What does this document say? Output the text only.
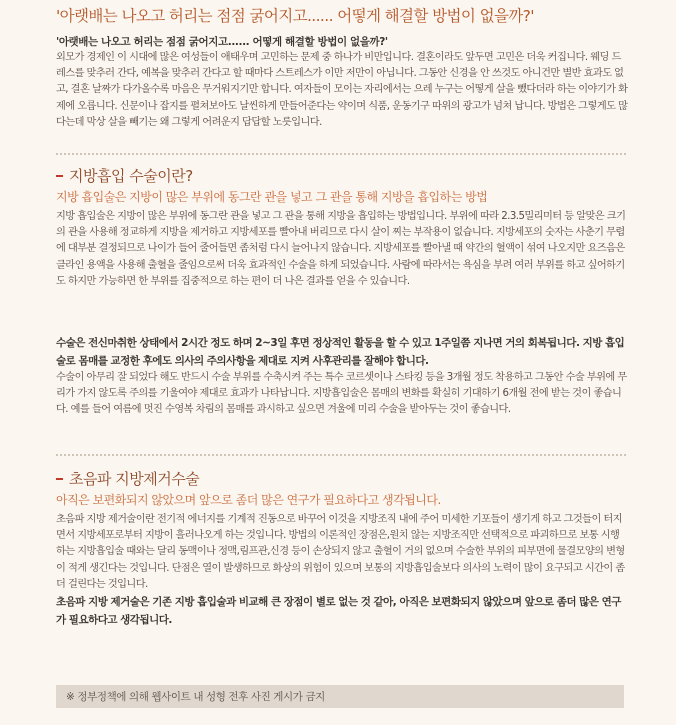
'아랫배는 나오고 허리는 점점 굵어지고...... 어떻게 해결할 방법이 없을까?'
'아랫배는 나오고 허리는 점점 굵어지고...... 어떻게 해결할 방법이 없을까?'

외모가 경제인 이 시대에 많은 여성들이 애태우며 고민하는 문제 중 하나가 비만입니다. 결혼이라도 앞두면 고민은 더욱 커집니다. 웨딩 드레스를 맞추러 간다, 예복을 맞추러 간다고 할 때마다 스트레스가 이만 저만이 아닙니다. 그동안 신경을 안 쓰것도 아니건만 별반 효과도 없고, 결혼 날짜가 다가올수록 마음은 무거워지기만 합니다. 여자들이 모이는 자리에서는 으레 누구는 어떻게 살을 뺐다더라 하는 이야기가 화제에 오릅니다. 신문이나 잡지를 펼쳐보아도 날씬하게 만들어준다는 약이며 식품, 운동기구 따위의 광고가 넘쳐 납니다. 방법은 그렇게도 많다는데 막상 살을 빼기는 왜 그렇게 어려운지 답답할 노릇입니다.

지방흡입 수술이란?
지방 흡입술은 지방이 많은 부위에 동그란 관을 넣고 그 관을 통해 지방을 흡입하는 방법

지방 흡입술은 지방이 많은 부위에 동그란 관을 넣고 그 관을 통해 지방을 흡입하는 방법입니다. 부위에 따라 2.3.5밀리미터 등 알맞은 크기의 관을 사용해 정교하게 지방을 제거하고 지방세포를 빨아내 버리므로 다시 살이 찌는 부작용이 없습니다. 지방세포의 숫자는 사춘기 무렵에 대부분 결정되므로 나이가 들어 줄어들면 좀처럼 다시 늘어나지 않습니다. 지방세포를 빨아낼 때 약간의 혈액이 섞여 나오지만 요즈음은 클라인 용액을 사용해 출혈을 줄임으로써 더욱 효과적인 수술을 하게 되었습니다. 사람에 따라서는 욕심을 부려 여러 부위를 하고 싶어하기도 하지만 가능하면 한 부위를 집중적으로 하는 편이 더 나은 결과를 얻을 수 있습니다.

수술은 전신마취한 상태에서 2시간 정도 하며 2~3일 후면 정상적인 활동을 할 수 있고 1주일쯤 지나면 거의 회복됩니다. 지방 흡입술로 몸매를 교정한 후에도 의사의 주의사항을 제대로 지켜 사후관리를 잘해야 합니다.

수술이 아무리 잘 되었다 해도 반드시 수술 부위를 수축시켜 주는 특수 코르셋이나 스타킹 등을 3개월 정도 착용하고 그동안 수술 부위에 무리가 가지 않도록 주의를 기울여야 제대로 효과가 나타납니다. 지방흡입술은 몸매의 변화를 확실히 기대하기 6개월 전에 받는 것이 좋습니다. 예를 들어 여름에 멋진 수영복 차림의 몸매를 과시하고 싶으면 겨울에 미리 수술을 받아두는 것이 좋습니다.

초음파 지방제거수술
아직은 보편화되지 않았으며 앞으로 좀더 많은 연구가 필요하다고 생각됩니다.

초음파 지방 제거술이란 전기적 에너지를 기계적 진동으로 바꾸어 이것을 지방조직 내에 주어 미세한 기포들이 생기게 하고 그것들이 터지면서 지방세포로부터 지방이 흘러나오게 하는 것입니다. 방법의 이론적인 장점은,원치 않는 지방조직만 선택적으로 파괴하므로 보통 시행하는 지방흡입술 때와는 달리 동맥이나 정맥,림프관,신경 등이 손상되지 않고 출혈이 거의 없으며 수술한 부위의 피부면에 물결모양의 변형이 적게 생긴다는 것입니다. 단점은 열이 발생하므로 화상의 위험이 있으며 보통의 지방흡입술보다 의사의 노력이 많이 요구되고 시간이 좀더 걸린다는 것입니다.

초음파 지방 제거술은 기존 지방 흡입술과 비교해 큰 장점이 별로 없는 것 같아, 아직은 보편화되지 않았으며 앞으로 좀더 많은 연구가 필요하다고 생각됩니다.

※ 정부정책에 의해 웹사이트 내 성형 전후 사진 게시가 금지
